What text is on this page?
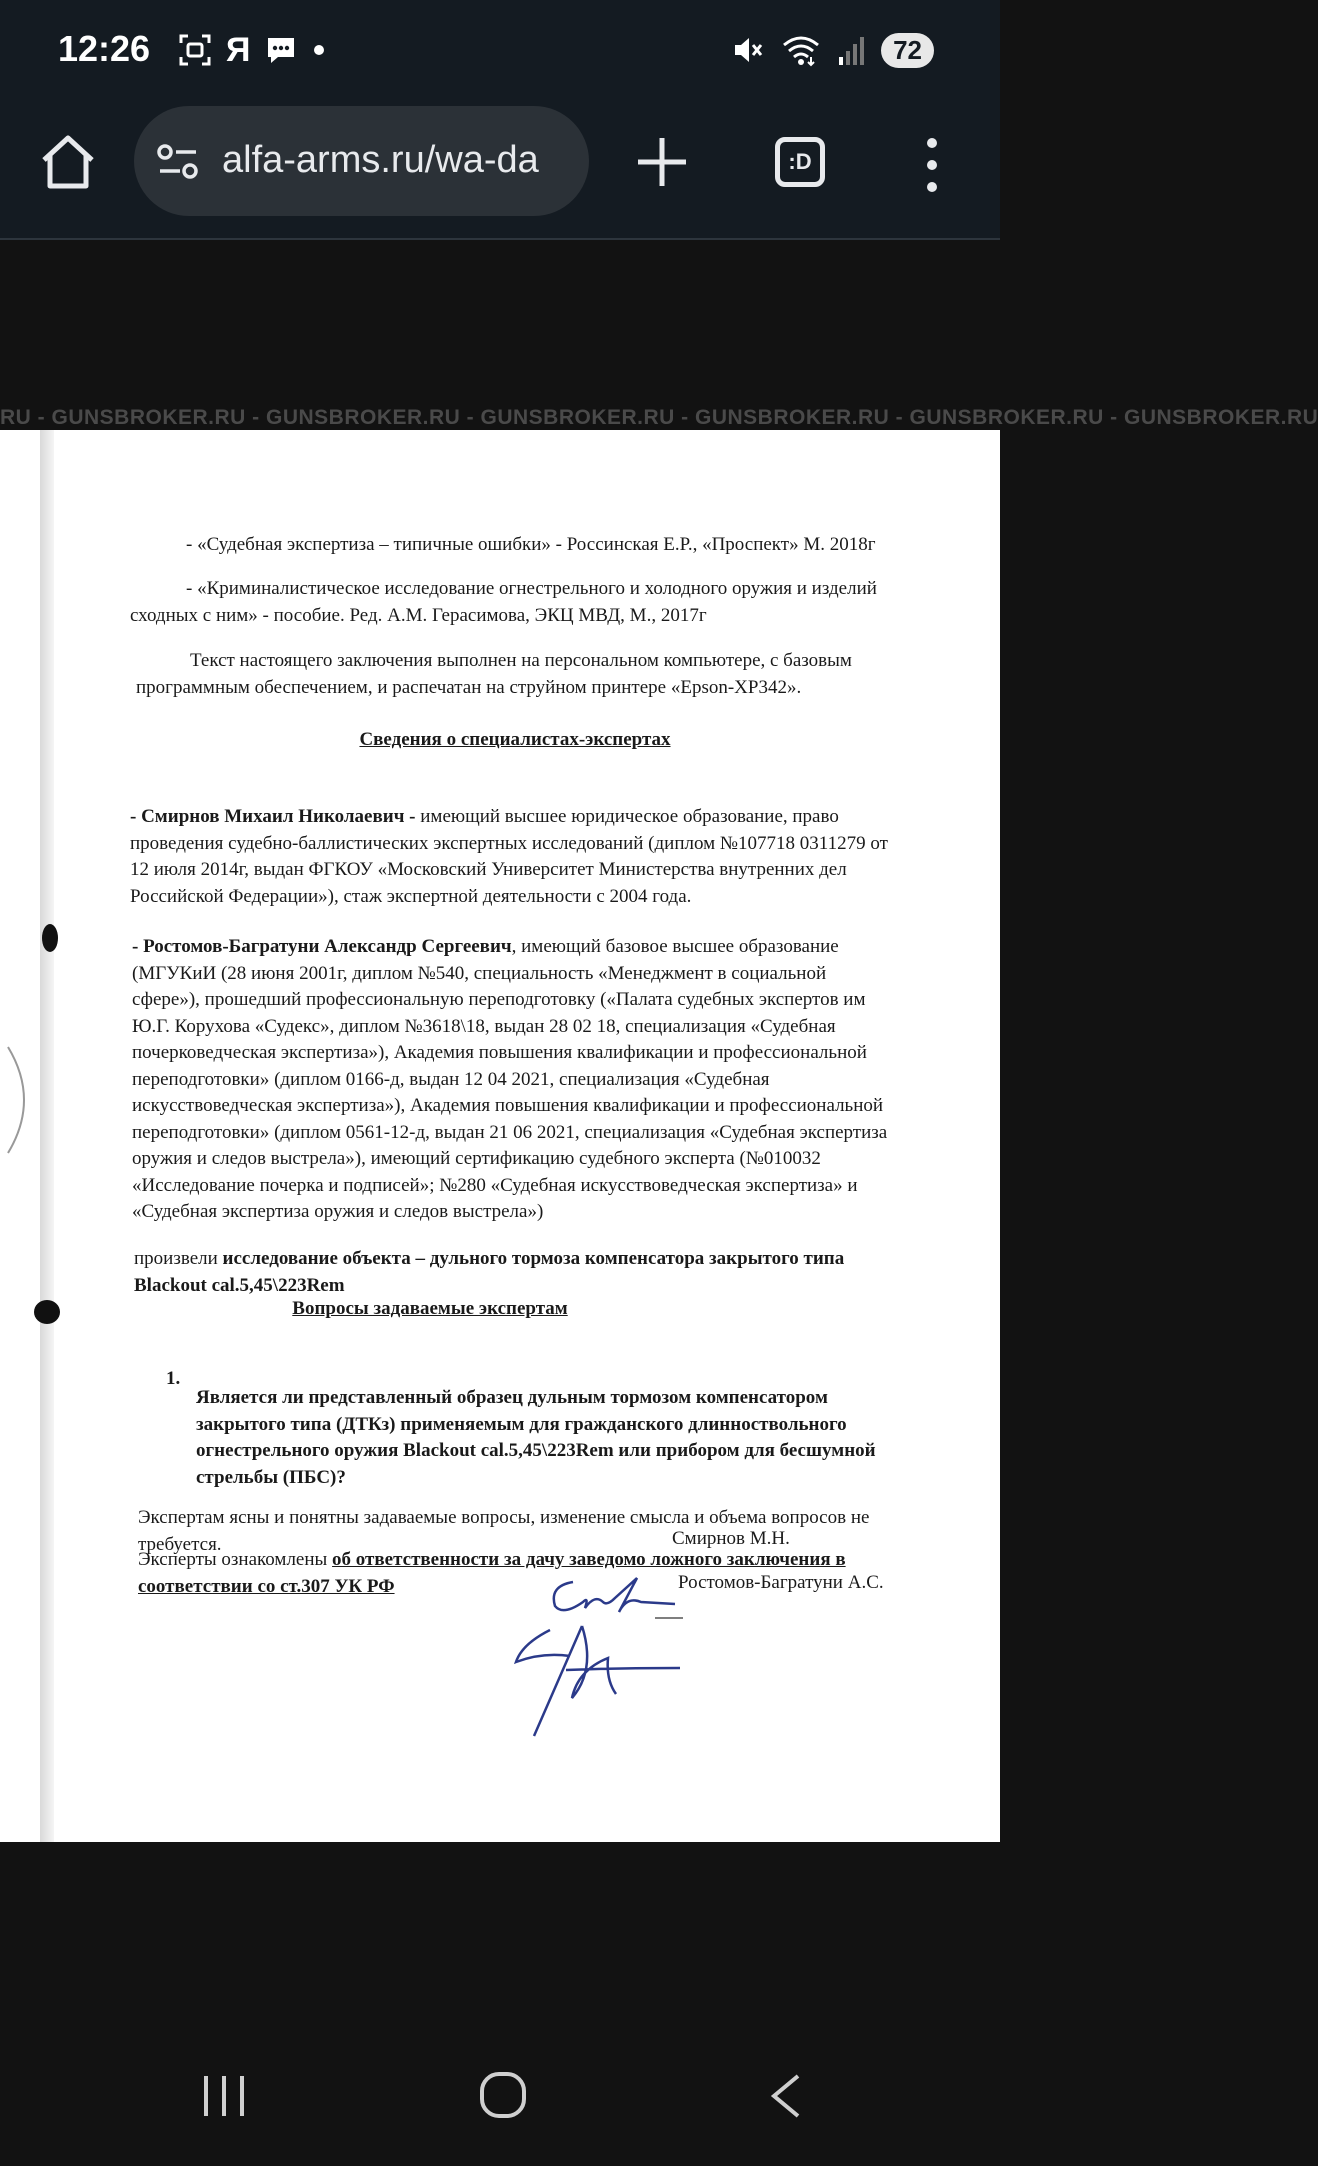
12:26 Я	72
alfa-arms.ru/wa-da	:D
RU - GUNSBROKER.RU - GUNSBROKER.RU - GUNSBROKER.RU - GUNSBROKER.RU - GUNSBROKER.RU - GUNSBROKER.RU

- «Судебная экспертиза – типичные ошибки» - Россинская Е.Р., «Проспект» М. 2018г

- «Криминалистическое исследование огнестрельного и холодного оружия и изделий сходных с ним» - пособие. Ред. А.М. Герасимова, ЭКЦ МВД, М., 2017г

Текст настоящего заключения выполнен на персональном компьютере, с базовым программным обеспечением, и распечатан на струйном принтере «Epson-XP342».

Сведения о специалистах-экспертах

- Смирнов Михаил Николаевич - имеющий высшее юридическое образование, право проведения судебно-баллистических экспертных исследований (диплом №107718 0311279 от 12 июля 2014г, выдан ФГКОУ «Московский Университет Министерства внутренних дел Российской Федерации»), стаж экспертной деятельности с 2004 года.

- Ростомов-Багратуни Александр Сергеевич, имеющий базовое высшее образование (МГУКиИ (28 июня 2001г, диплом №540, специальность «Менеджмент в социальной сфере»), прошедший профессиональную переподготовку («Палата судебных экспертов им Ю.Г. Корухова «Судекс», диплом №3618\18, выдан 28 02 18, специализация «Судебная почерковедческая экспертиза»), Академия повышения квалификации и профессиональной переподготовки» (диплом 0166-д, выдан 12 04 2021, специализация «Судебная искусствоведческая экспертиза»), Академия повышения квалификации и профессиональной переподготовки» (диплом 0561-12-д, выдан 21 06 2021, специализация «Судебная экспертиза оружия и следов выстрела»), имеющий сертификацию судебного эксперта (№010032 «Исследование почерка и подписей»; №280 «Судебная искусствоведческая экспертиза» и «Судебная экспертиза оружия и следов выстрела»)

произвели исследование объекта – дульного тормоза компенсатора закрытого типа Blackout cal.5,45\223Rem

Вопросы задаваемые экспертам
1.

Является ли представленный образец дульным тормозом компенсатором закрытого типа (ДТКз) применяемым для гражданского длинноствольного огнестрельного оружия Blackout cal.5,45\223Rem или прибором для бесшумной стрельбы (ПБС)?

Экспертам ясны и понятны задаваемые вопросы, изменение смысла и объема вопросов не требуется.

Эксперты ознакомлены об ответственности за дачу заведомо ложного заключения в соответствии со ст.307 УК РФ

Смирнов М.Н.
Ростомов-Багратуни А.С.
